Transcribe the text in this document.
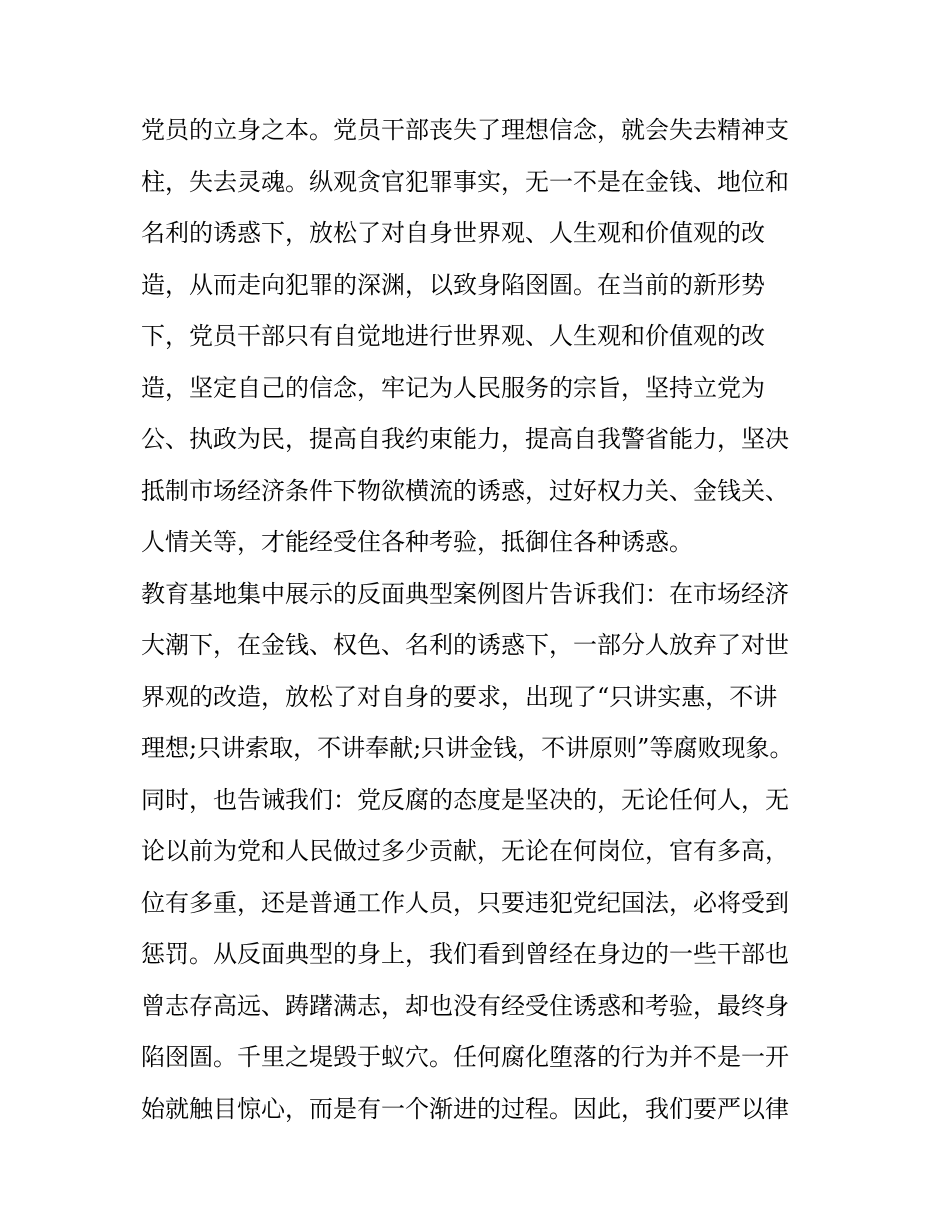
党员的立身之本。党员干部丧失了理想信念，就会失去精神支
柱，失去灵魂。纵观贪官犯罪事实，无一不是在金钱、地位和
名利的诱惑下，放松了对自身世界观、人生观和价值观的改
造，从而走向犯罪的深渊，以致身陷囹圄。在当前的新形势
下，党员干部只有自觉地进行世界观、人生观和价值观的改
造，坚定自己的信念，牢记为人民服务的宗旨，坚持立党为
公、执政为民，提高自我约束能力，提高自我警省能力，坚决
抵制市场经济条件下物欲横流的诱惑，过好权力关、金钱关、
人情关等，才能经受住各种考验，抵御住各种诱惑。
教育基地集中展示的反面典型案例图片告诉我们：在市场经济
大潮下，在金钱、权色、名利的诱惑下，一部分人放弃了对世
界观的改造，放松了对自身的要求，出现了“只讲实惠，不讲
理想;只讲索取，不讲奉献;只讲金钱，不讲原则”等腐败现象。
同时，也告诫我们：党反腐的态度是坚决的，无论任何人，无
论以前为党和人民做过多少贡献，无论在何岗位，官有多高，
位有多重，还是普通工作人员，只要违犯党纪国法，必将受到
惩罚。从反面典型的身上，我们看到曾经在身边的一些干部也
曾志存高远、踌躇满志，却也没有经受住诱惑和考验，最终身
陷囹圄。千里之堤毁于蚁穴。任何腐化堕落的行为并不是一开
始就触目惊心，而是有一个渐进的过程。因此，我们要严以律
